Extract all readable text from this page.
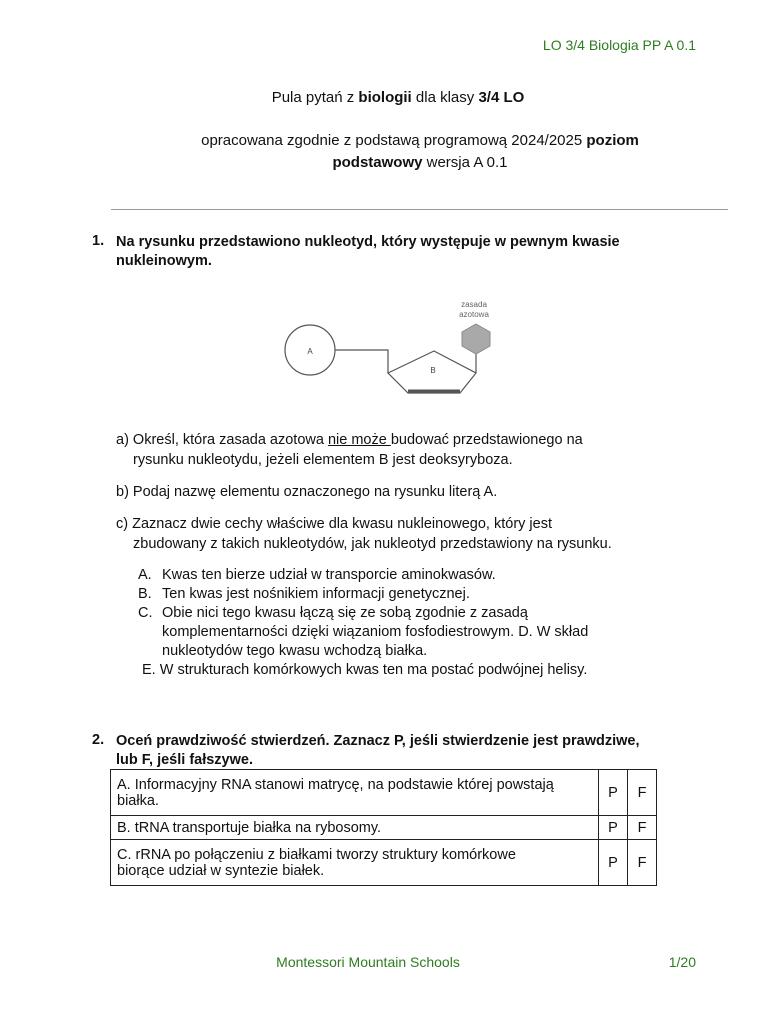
LO 3/4 Biologia PP A 0.1
Pula pytań z biologii dla klasy 3/4 LO
opracowana zgodnie z podstawą programową 2024/2025 poziom
podstawowy wersja A 0.1
1. Na rysunku przedstawiono nukleotyd, który występuje w pewnym kwasie
nukleinowym.
zasada
azotowa
A
B
a) Określ, która zasada azotowa nie może budować przedstawionego na
rysunku nukleotydu, jeżeli elementem B jest deoksyryboza.
b) Podaj nazwę elementu oznaczonego na rysunku literą A.
c) Zaznacz dwie cechy właściwe dla kwasu nukleinowego, który jest
zbudowany z takich nukleotydów, jak nukleotyd przedstawiony na rysunku.
A. Kwas ten bierze udział w transporcie aminokwasów.
B. Ten kwas jest nośnikiem informacji genetycznej.
C. Obie nici tego kwasu łączą się ze sobą zgodnie z zasadą
komplementarności dzięki wiązaniom fosfodiestrowym. D. W skład
nukleotydów tego kwasu wchodzą białka.
E. W strukturach komórkowych kwas ten ma postać podwójnej helisy.
2. Oceń prawdziwość stwierdzeń. Zaznacz P, jeśli stwierdzenie jest prawdziwe,
lub F, jeśli fałszywe.
A. Informacyjny RNA stanowi matrycę, na podstawie której powstają
białka.	P	F
B. tRNA transportuje białka na rybosomy.	P	F

C. rRNA po połączeniu z białkami tworzy struktury komórkowe
biorące udział w syntezie białek.	P	F
Montessori Mountain Schools	1/20
